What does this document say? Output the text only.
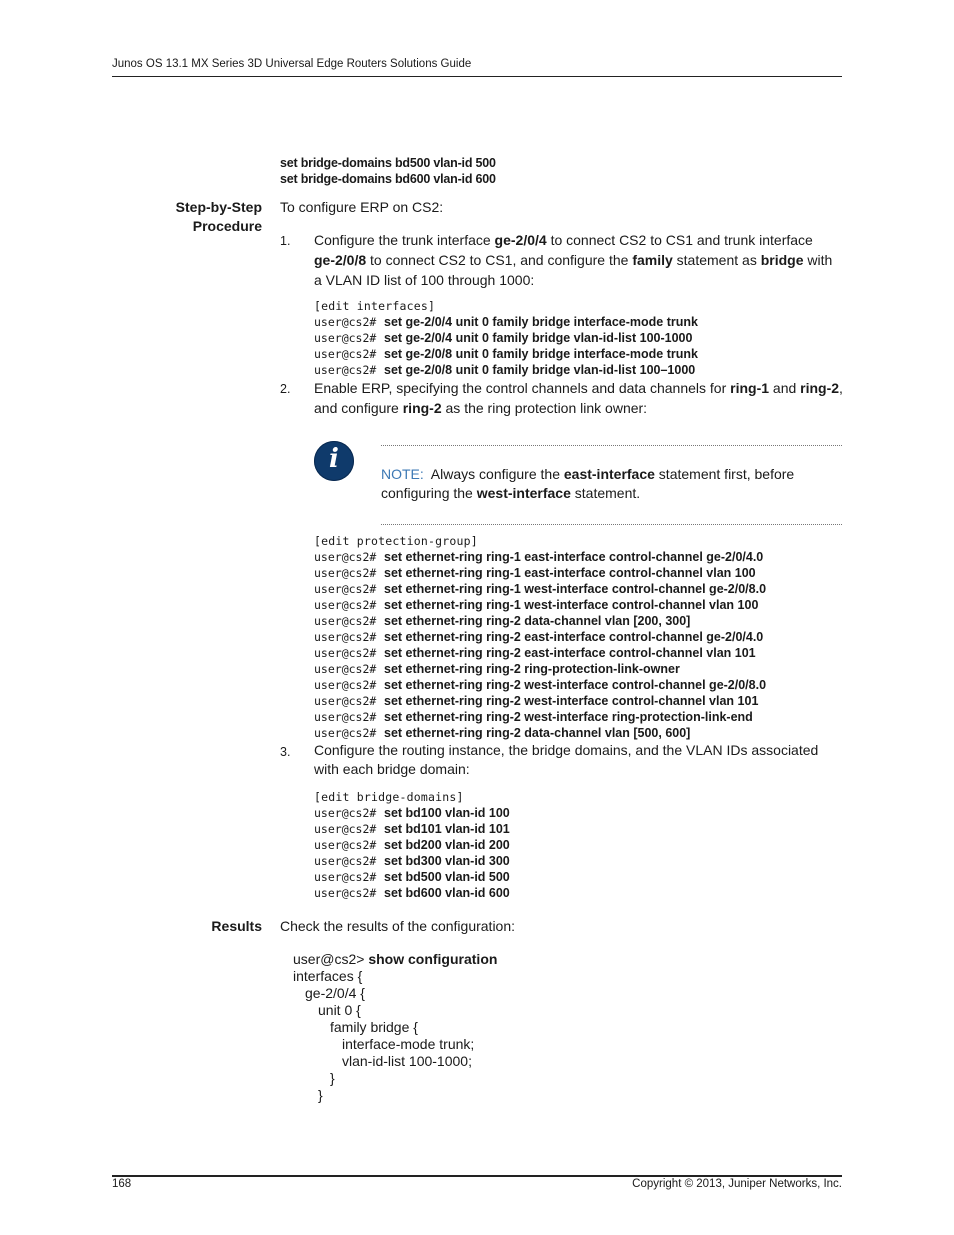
Junos OS 13.1 MX Series 3D Universal Edge Routers Solutions Guide
set bridge-domains bd500 vlan-id 500
set bridge-domains bd600 vlan-id 600
Step-by-Step
Procedure
To configure ERP on CS2:
1. Configure the trunk interface ge-2/0/4 to connect CS2 to CS1 and trunk interface
ge-2/0/8 to connect CS2 to CS1, and configure the family statement as bridge with
a VLAN ID list of 100 through 1000:
[edit interfaces]
user@cs2# set ge-2/0/4 unit 0 family bridge interface-mode trunk
user@cs2# set ge-2/0/4 unit 0 family bridge vlan-id-list 100-1000
user@cs2# set ge-2/0/8 unit 0 family bridge interface-mode trunk
user@cs2# set ge-2/0/8 unit 0 family bridge vlan-id-list 100–1000
2. Enable ERP, specifying the control channels and data channels for ring-1 and ring-2,
and configure ring-2 as the ring protection link owner:
i	NOTE: Always configure the east-interface statement first, before
configuring the west-interface statement.
[edit protection-group]
user@cs2# set ethernet-ring ring-1 east-interface control-channel ge-2/0/4.0
user@cs2# set ethernet-ring ring-1 east-interface control-channel vlan 100
user@cs2# set ethernet-ring ring-1 west-interface control-channel ge-2/0/8.0
user@cs2# set ethernet-ring ring-1 west-interface control-channel vlan 100
user@cs2# set ethernet-ring ring-2 data-channel vlan [200, 300]
user@cs2# set ethernet-ring ring-2 east-interface control-channel ge-2/0/4.0
user@cs2# set ethernet-ring ring-2 east-interface control-channel vlan 101
user@cs2# set ethernet-ring ring-2 ring-protection-link-owner
user@cs2# set ethernet-ring ring-2 west-interface control-channel ge-2/0/8.0
user@cs2# set ethernet-ring ring-2 west-interface control-channel vlan 101
user@cs2# set ethernet-ring ring-2 west-interface ring-protection-link-end
user@cs2# set ethernet-ring ring-2 data-channel vlan [500, 600]
3. Configure the routing instance, the bridge domains, and the VLAN IDs associated
with each bridge domain:
[edit bridge-domains]
user@cs2# set bd100 vlan-id 100
user@cs2# set bd101 vlan-id 101
user@cs2# set bd200 vlan-id 200
user@cs2# set bd300 vlan-id 300
user@cs2# set bd500 vlan-id 500
user@cs2# set bd600 vlan-id 600
Results Check the results of the configuration:
user@cs2> show configuration
interfaces {
ge-2/0/4 {
unit 0 {
family bridge {
interface-mode trunk;
vlan-id-list 100-1000;
}
}
168	Copyright © 2013, Juniper Networks, Inc.
